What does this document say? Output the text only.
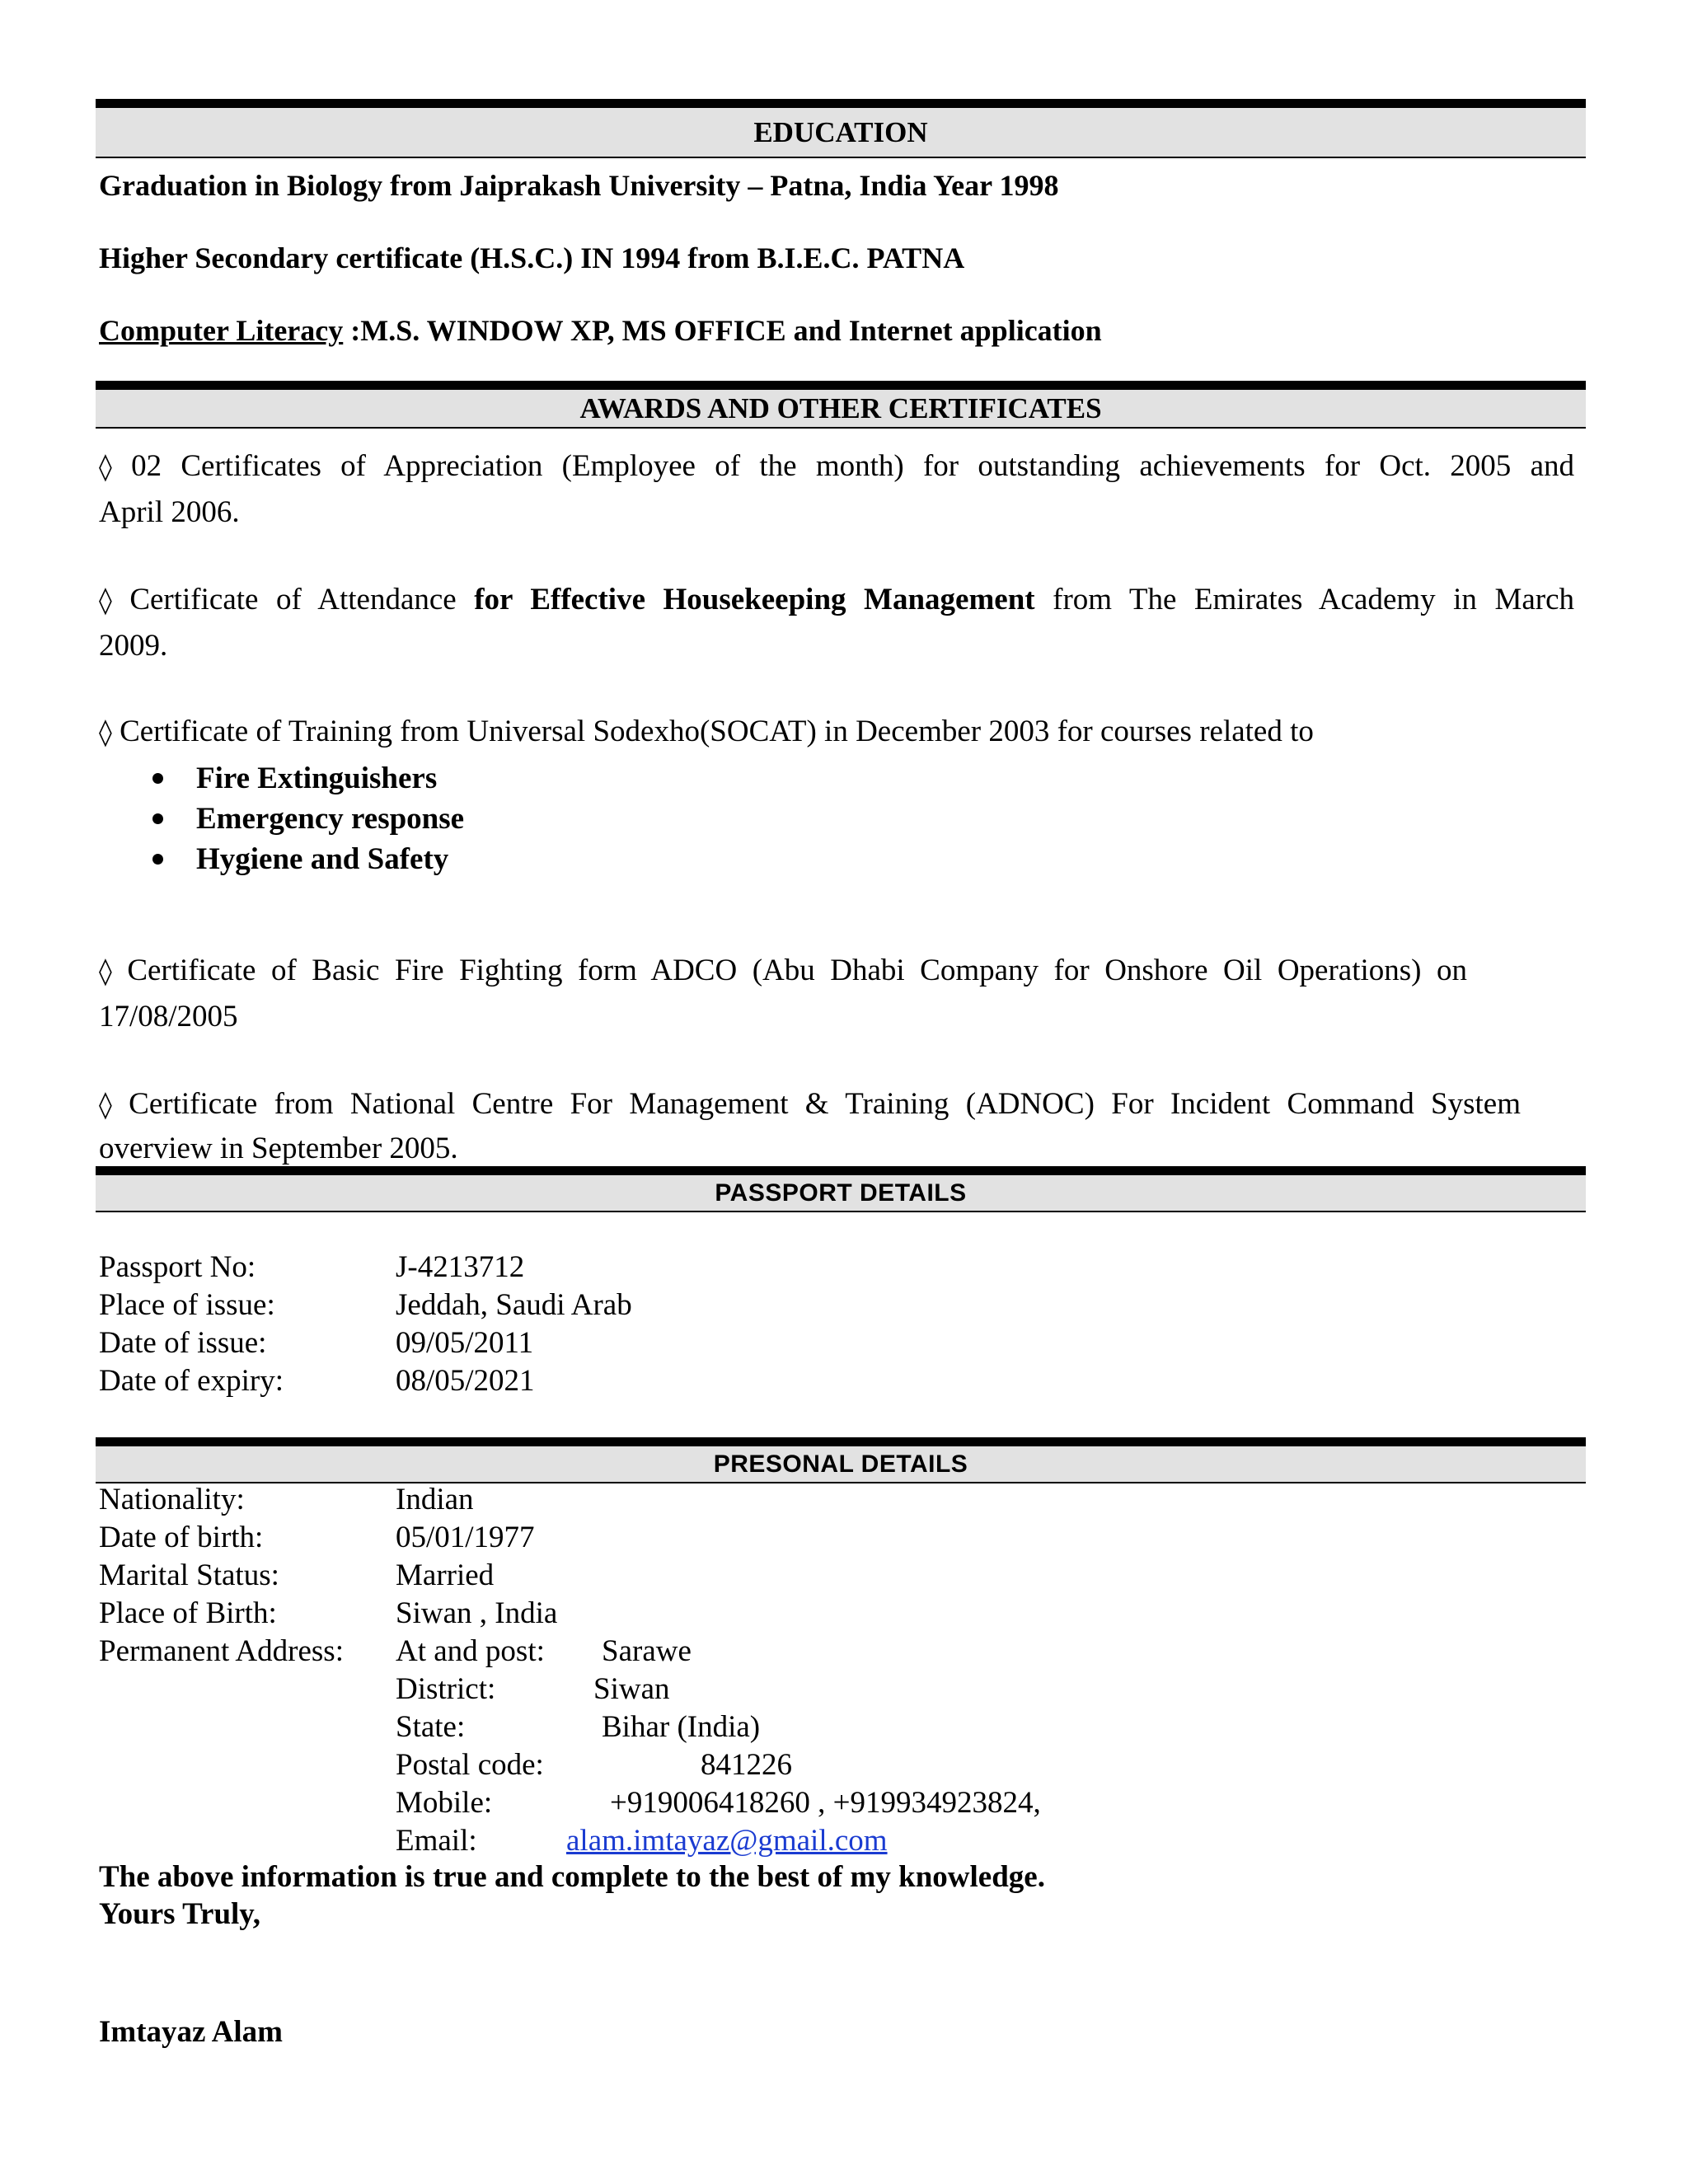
EDUCATION
Graduation in Biology from Jaiprakash University – Patna, India Year 1998
Higher Secondary certificate (H.S.C.) IN 1994 from B.I.E.C. PATNA
Computer Literacy :M.S. WINDOW XP, MS OFFICE and Internet application
AWARDS AND OTHER CERTIFICATES
◊ 02 Certificates of Appreciation (Employee of the month) for outstanding achievements for Oct. 2005 and
April 2006.
◊ Certificate of Attendance for Effective Housekeeping Management from The Emirates Academy in March
2009.
◊ Certificate of Training from Universal Sodexho(SOCAT) in December 2003 for courses related to
Fire Extinguishers
Emergency response
Hygiene and Safety
◊ Certificate of Basic Fire Fighting form ADCO (Abu Dhabi Company for Onshore Oil Operations) on
17/08/2005
◊ Certificate from National Centre For Management & Training (ADNOC) For Incident Command System
overview in September 2005.
PASSPORT DETAILS
Passport No:	J-4213712
Place of issue:	Jeddah, Saudi Arab
Date of issue:	09/05/2011
Date of expiry:	08/05/2021
PRESONAL DETAILS
Nationality:	Indian
Date of birth:	05/01/1977
Marital Status:	Married
Place of Birth:	Siwan , India
Permanent Address:	At and post:	Sarawe
District:	Siwan
State:	Bihar (India)
Postal code:	841226
Mobile:	+919006418260 , +919934923824,
Email:	alam.imtayaz@gmail.com
The above information is true and complete to the best of my knowledge.
Yours Truly,
Imtayaz Alam
